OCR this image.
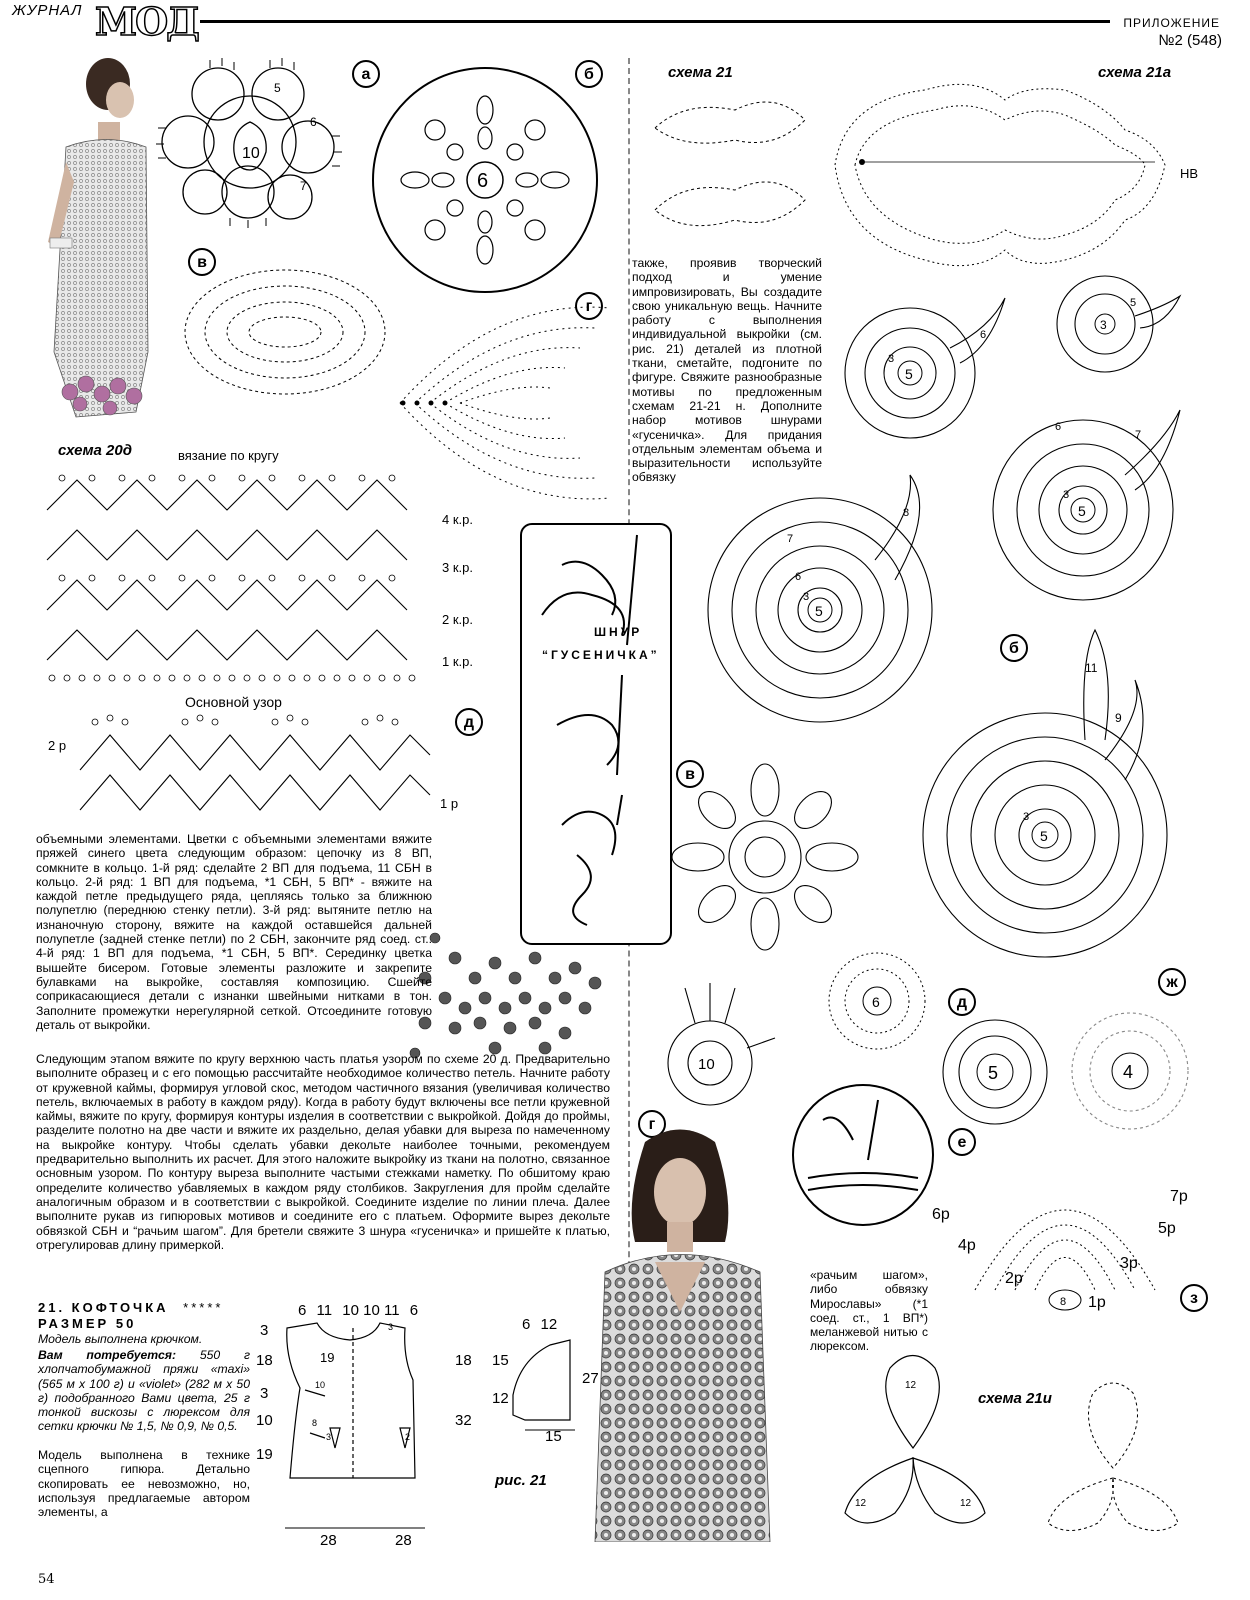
ЖУРНАЛ МОД	ПРИЛОЖЕНИЕ
№2 (548)
а
10
5
6
7
б
6
в
г
схема 20д	вязание по кругу
4 к.р.
3 к.р.
2 к.р.
1 к.р.
Основной узор
д
2 р
1 р
схема 21	схема 21а
НВ
также, проявив творческий подход и умение импровизировать, Вы создадите свою уникальную вещь. Начните работу с выполнения индивидуальной выкройки (см. рис. 21) деталей из плотной ткани, сметайте, подгоните по фигуре. Свяжите разнообразные мотивы по предложенным схемам 21-21 н. Дополните набор мотивов шнурами «гусеничка». Для придания отдельным элементам объема и выразительности используйте обвязку
5
3
6
3
5
5
3
6
7
5
8
7
6
3
б
5
11
9
3
ШНУР
“ГУСЕНИЧКА”
в
10
г
6	д
5
е
ж
4
8
7р
6р
5р
4р
3р
2р
1р	з
«рачьим шагом», либо обвязку Мирославы» (*1 соед. ст., 1 ВП*) меланжевой нитью с люрексом.
схема 21и
12
12	12
объемными элементами. Цветки с объемными элементами вяжите пряжей синего цвета следующим образом: цепочку из 8 ВП, сомкните в кольцо. 1-й ряд: сделайте 2 ВП для подъема, 11 СБН в кольцо. 2-й ряд: 1 ВП для подъема, *1 СБН, 5 ВП* - вяжите на каждой петле предыдущего ряда, цепляясь только за ближнюю полупетлю (переднюю стенку петли). 3-й ряд: вытяните петлю на изнаночную сторону, вяжите на каждой оставшейся дальней полупетле (задней стенке петли) по 2 СБН, закончите ряд соед. ст.. 4-й ряд: 1 ВП для подъема, *1 СБН, 5 ВП*. Серединку цветка вышейте бисером. Готовые элементы разложите и закрепите булавками на выкройке, составляя композицию. Сшейте соприкасающиеся детали с изнанки швейными нитками в тон. Заполните промежутки нерегулярной сеткой. Отсоедините готовую деталь от выкройки.
Следующим этапом вяжите по кругу верхнюю часть платья узором по схеме 20 д. Предварительно выполните образец и с его помощью рассчитайте необходимое количество петель. Начните работу от кружевной каймы, формируя угловой скос, методом частичного вязания (увеличивая количество петель, включаемых в работу в каждом ряду). Когда в работу будут включены все петли кружевной каймы, вяжите по кругу, формируя контуры изделия в соответствии с выкройкой. Дойдя до проймы, разделите полотно на две части и вяжите их раздельно, делая убавки для выреза по намеченному на выкройке контуру. Чтобы сделать убавки декольте наиболее точными, рекомендуем предварительно выполнить их расчет. Для этого наложите выкройку из ткани на полотно, связанное основным узором. По контуру выреза выполните частыми стежками наметку. По обшитому краю определите количество убавляемых в каждом ряду столбиков. Закругления для пройм сделайте аналогичным образом и в соответствии с выкройкой. Соедините изделие по линии плеча. Далее выполните рукав из гипюровых мотивов и соедините его с платьем. Оформите вырез декольте обвязкой СБН и “рачьим шагом”. Для бретели свяжите 3 шнура «гусеничка» и пришейте к платью, отрегулировав длину примеркой.
21. КОФТОЧКА *****
РАЗМЕР 50
Модель выполнена крючком.
Вам потребуется: 550 г хлопчатобумажной пряжи «maxi» (565 м х 100 г) и «violet» (282 м х 50 г) подобранного Вами цвета, 25 г тонкой вискозы с люрексом для сетки крючки № 1,5, № 0,9, № 0,5.
Модель выполнена в технике сцепного гипюра. Детально скопировать ее невозможно, но, используя предлагаемые автором элементы, а
54
6 11 10 10 11 6
3
18
3
10
19
18
32
28	28
19
10
8
3	2
3	6 12
15
12
27
15
рис. 21
